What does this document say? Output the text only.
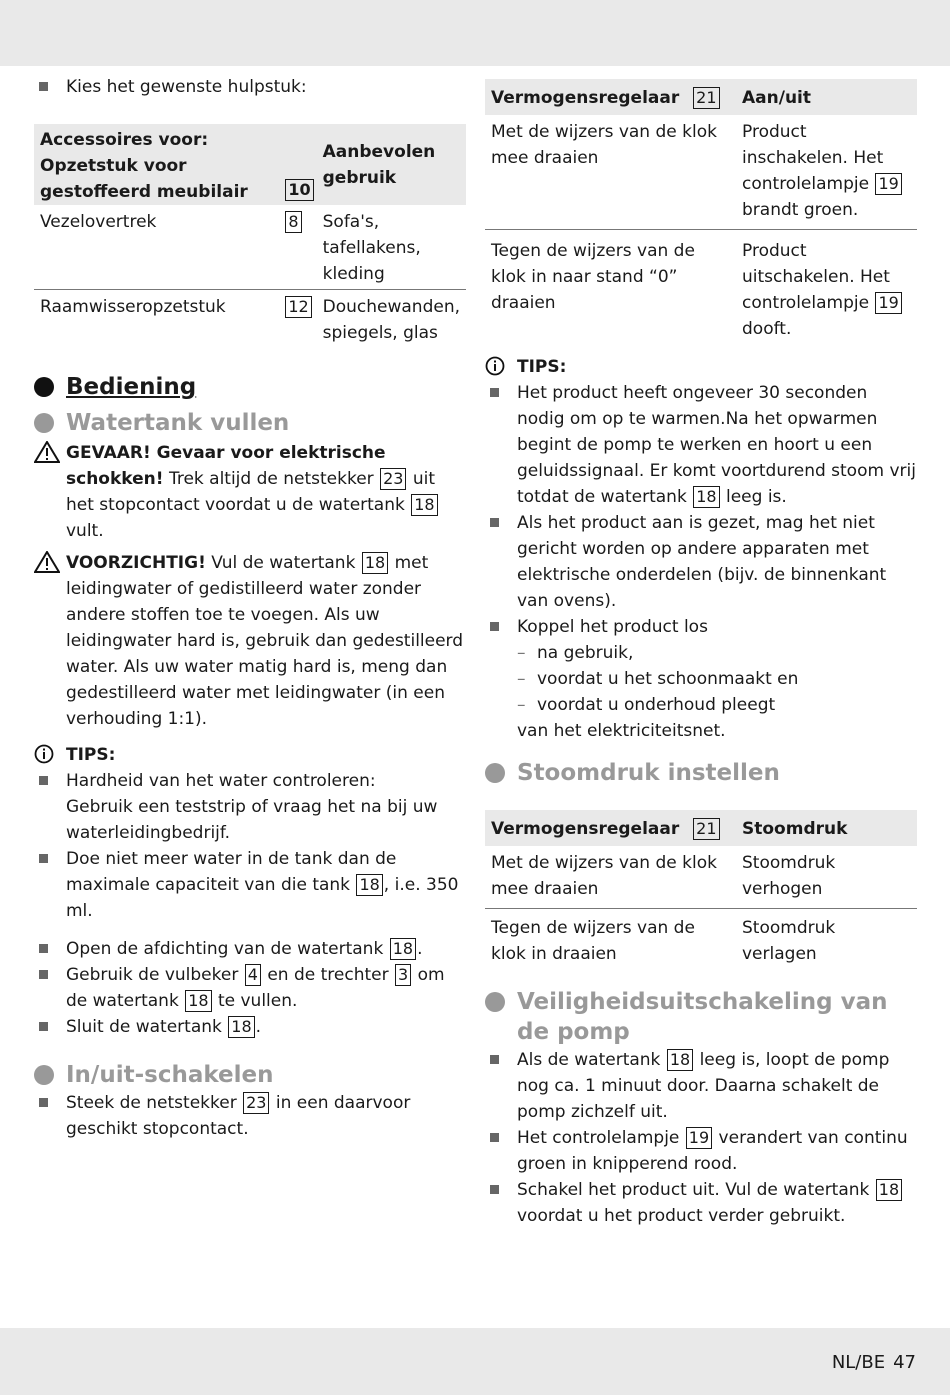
Kies het gewenste hulpstuk:

Accessoires voor:
Opzetstuk voor gestoffeerd meubilair	10	Aanbevolen gebruik
Vezelovertrek	8	Sofa's, tafellakens, kleding
Raamwisseropzetstuk	12	Douchewanden, spiegels, glas
Bediening
Watertank vullen

GEVAAR! Gevaar voor elektrische schokken! Trek altijd de netstekker 23 uit het stopcontact voordat u de watertank 18 vult.

VOORZICHTIG! Vul de watertank 18 met leidingwater of gedistilleerd water zonder andere stoffen toe te voegen. Als uw leidingwater hard is, gebruik dan gedestilleerd water. Als uw water matig hard is, meng dan gedestilleerd water met leidingwater (in een verhouding 1:1).

TIPS:

Hardheid van het water controleren:
Gebruik een teststrip of vraag het na bij uw waterleidingbedrijf.

Doe niet meer water in de tank dan de maximale capaciteit van die tank 18 , i.e. 350 ml.

Open de afdichting van de watertank 18 .

Gebruik de vulbeker 4 en de trechter 3 om de watertank 18 te vullen.

Sluit de watertank 18 .

In/uit-schakelen

Steek de netstekker 23 in een daarvoor geschikt stopcontact.

Vermogensregelaar 21	Aan/uit
Met de wijzers van de klok mee draaien	Product inschakelen. Het controlelampje 19 brandt groen.
Tegen de wijzers van de klok in naar stand “0” draaien	Product uitschakelen. Het controlelampje 19 dooft.

TIPS:

Het product heeft ongeveer 30 seconden nodig om op te warmen.Na het opwarmen begint de pomp te werken en hoort u een geluidssignaal. Er komt voortdurend stoom vrij totdat de watertank 18 leeg is.

Als het product aan is gezet, mag het niet gericht worden op andere apparaten met elektrische onderdelen (bijv. de binnenkant van ovens).

Koppel het product los

– na gebruik,

– voordat u het schoonmaakt en

– voordat u onderhoud pleegt

van het elektriciteitsnet.

Stoomdruk instellen
Vermogensregelaar 21	Stoomdruk
Met de wijzers van de klok mee draaien	Stoomdruk verhogen
Tegen de wijzers van de klok in draaien	Stoomdruk verlagen
Veiligheidsuitschakeling van de pomp

Als de watertank 18 leeg is, loopt de pomp nog ca. 1 minuut door. Daarna schakelt de pomp zichzelf uit.

Het controlelampje 19 verandert van continu groen in knipperend rood.

Schakel het product uit. Vul de watertank 18 voordat u het product verder gebruikt.

NL/BE 47
